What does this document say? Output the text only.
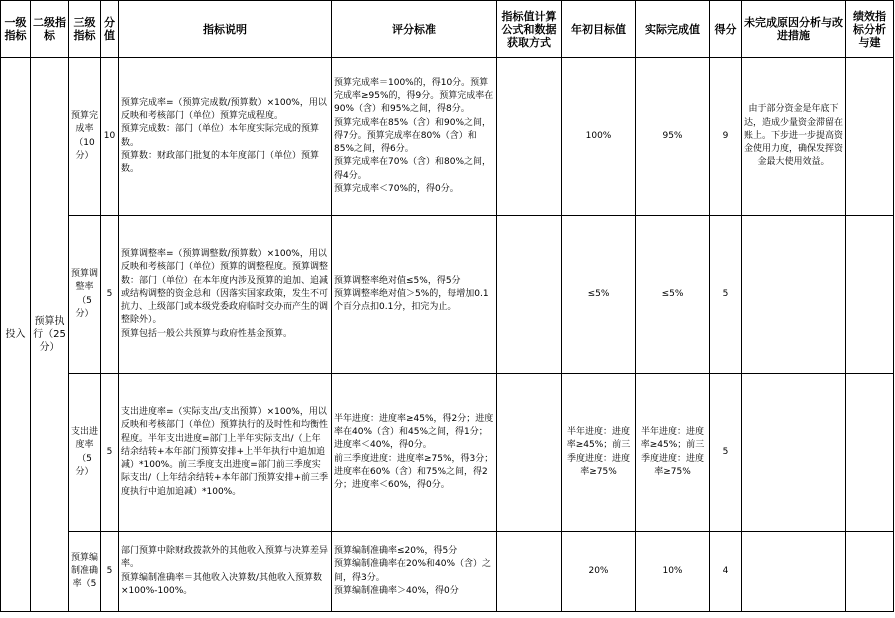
一级指标	二级指标	三级指标	分值	指标说明	评分标准	指标值计算公式和数据获取方式	年初目标值	实际完成值	得分	未完成原因分析与改进措施	绩效指标分析与建
投入	预算执行（25分）	预算完成率（10分）	10	预算完成率=（预算完成数/预算数）×100%，用以反映和考核部门（单位）预算完成程度。
预算完成数：部门（单位）本年度实际完成的预算数。
预算数：财政部门批复的本年度部门（单位）预算数。	预算完成率＝100%的，得10分。预算完成率≥95%的，得9分。预算完成率在90%（含）和95%之间，得8分。
预算完成率在85%（含）和90%之间，得7分。预算完成率在80%（含）和85%之间，得6分。
预算完成率在70%（含）和80%之间，得4分。
预算完成率＜70%的，得0分。		100%	95%	9	由于部分资金是年底下达，造成少量资金滞留在账上。下步进一步提高资金使用力度，确保发挥资金最大使用效益。	
		预算调整率（5分）	5	预算调整率=（预算调整数/预算数）×100%，用以反映和考核部门（单位）预算的调整程度。预算调整数：部门（单位）在本年度内涉及预算的追加、追减或结构调整的资金总和（因落实国家政策，发生不可抗力、上级部门或本级党委政府临时交办而产生的调整除外）。
预算包括一般公共预算与政府性基金预算。	预算调整率绝对值≤5%，得5分
预算调整率绝对值＞5%的，每增加0.1个百分点扣0.1分，扣完为止。		≤5%	≤5%	5		
		支出进度率（5分）	5	支出进度率=（实际支出/支出预算）×100%，用以反映和考核部门（单位）预算执行的及时性和均衡性程度。半年支出进度=部门上半年实际支出/（上年结余结转+本年部门预算安排+上半年执行中追加追减）*100%。前三季度支出进度=部门前三季度实际支出/（上年结余结转+本年部门预算安排+前三季度执行中追加追减）*100%。	半年进度：进度率≥45%，得2分；进度率在40%（含）和45%之间，得1分；进度率＜40%，得0分。
前三季度进度：进度率≥75%，得3分；进度率在60%（含）和75%之间，得2分；进度率＜60%，得0分。		半年进度：进度率≥45%；前三季度进度：进度率≥75%	半年进度：进度率≥45%；前三季度进度：进度率≥75%	5		
		预算编制准确率（5	5	部门预算中除财政拨款外的其他收入预算与决算差异率。
预算编制准确率＝其他收入决算数/其他收入预算数×100%-100%。	预算编制准确率≤20%，得5分
预算编制准确率在20%和40%（含）之间，得3分。
预算编制准确率＞40%，得0分		20%	10%	4		
